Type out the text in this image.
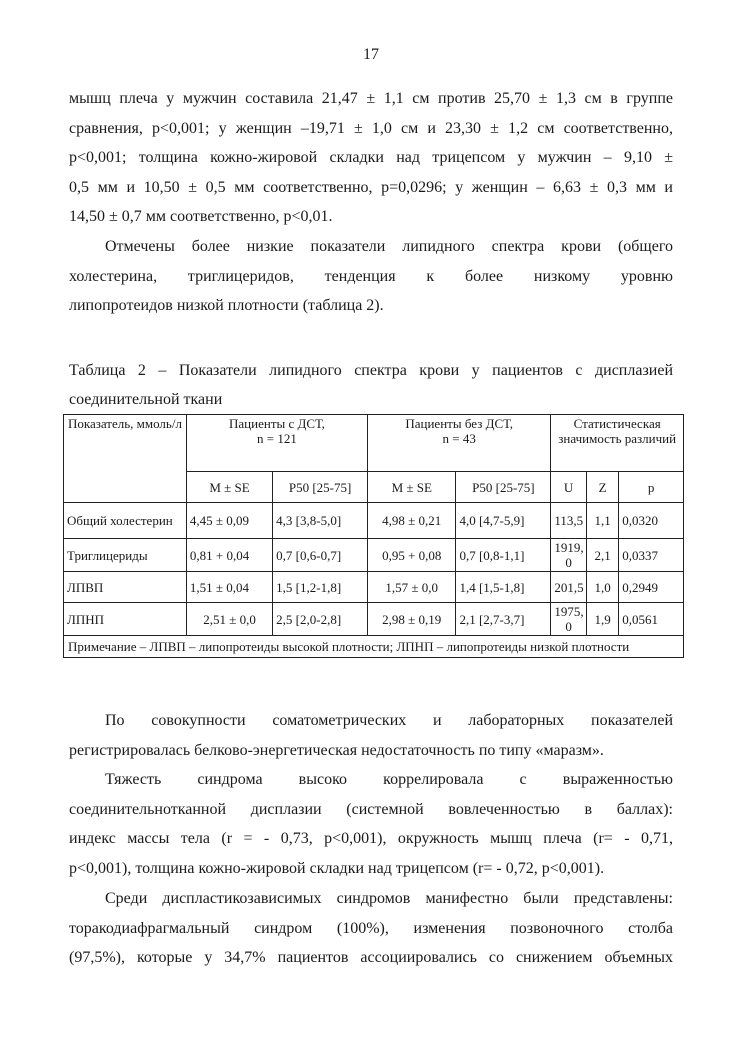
17
мышц плеча у мужчин составила 21,47 ± 1,1 см против 25,70 ± 1,3 см в группе
сравнения, p<0,001; у женщин –19,71 ± 1,0 см и 23,30 ± 1,2 см соответственно,
p<0,001; толщина кожно-жировой складки над трицепсом у мужчин – 9,10 ±
0,5 мм и 10,50 ± 0,5 мм соответственно, p=0,0296; у женщин – 6,63 ± 0,3 мм и
14,50 ± 0,7 мм соответственно, p<0,01.
Отмечены более низкие показатели липидного спектра крови (общего
холестерина, триглицеридов, тенденция к более низкому уровню
липопротеидов низкой плотности (таблица 2).
Таблица 2 – Показатели липидного спектра крови у пациентов с дисплазией
соединительной ткани
Показатель, ммоль/л	Пациенты с ДСТ,
n = 121		Пациенты без ДСТ,
n = 43		Статистическая значимость различий		
	M ± SE	P50 [25-75]	M ± SE	P50 [25-75]	U	Z	p
Общий холестерин	4,45 ± 0,09	4,3 [3,8-5,0]	4,98 ± 0,21	4,0 [4,7-5,9]	113,5	1,1	0,0320
Триглицериды	0,81 + 0,04	0,7 [0,6-0,7]	0,95 + 0,08	0,7 [0,8-1,1]	1919, 0	2,1	0,0337
ЛПВП	1,51 ± 0,04	1,5 [1,2-1,8]	1,57 ± 0,0	1,4 [1,5-1,8]	201,5	1,0	0,2949
ЛПНП	2,51 ± 0,0	2,5 [2,0-2,8]	2,98 ± 0,19	2,1 [2,7-3,7]	1975, 0	1,9	0,0561
Примечание – ЛПВП – липопротеиды высокой плотности; ЛПНП – липопротеиды низкой плотности							
По совокупности соматометрических и лабораторных показателей
регистрировалась белково-энергетическая недостаточность по типу «маразм».
Тяжесть синдрома высоко коррелировала с выраженностью
соединительнотканной дисплазии (системной вовлеченностью в баллах):
индекс массы тела (r = - 0,73, p<0,001), окружность мышц плеча (r= - 0,71,
p<0,001), толщина кожно-жировой складки над трицепсом (r= - 0,72, p<0,001).
Среди диспластикозависимых синдромов манифестно были представлены:
торакодиафрагмальный синдром (100%), изменения позвоночного столба
(97,5%), которые у 34,7% пациентов ассоциировались со снижением объемных
